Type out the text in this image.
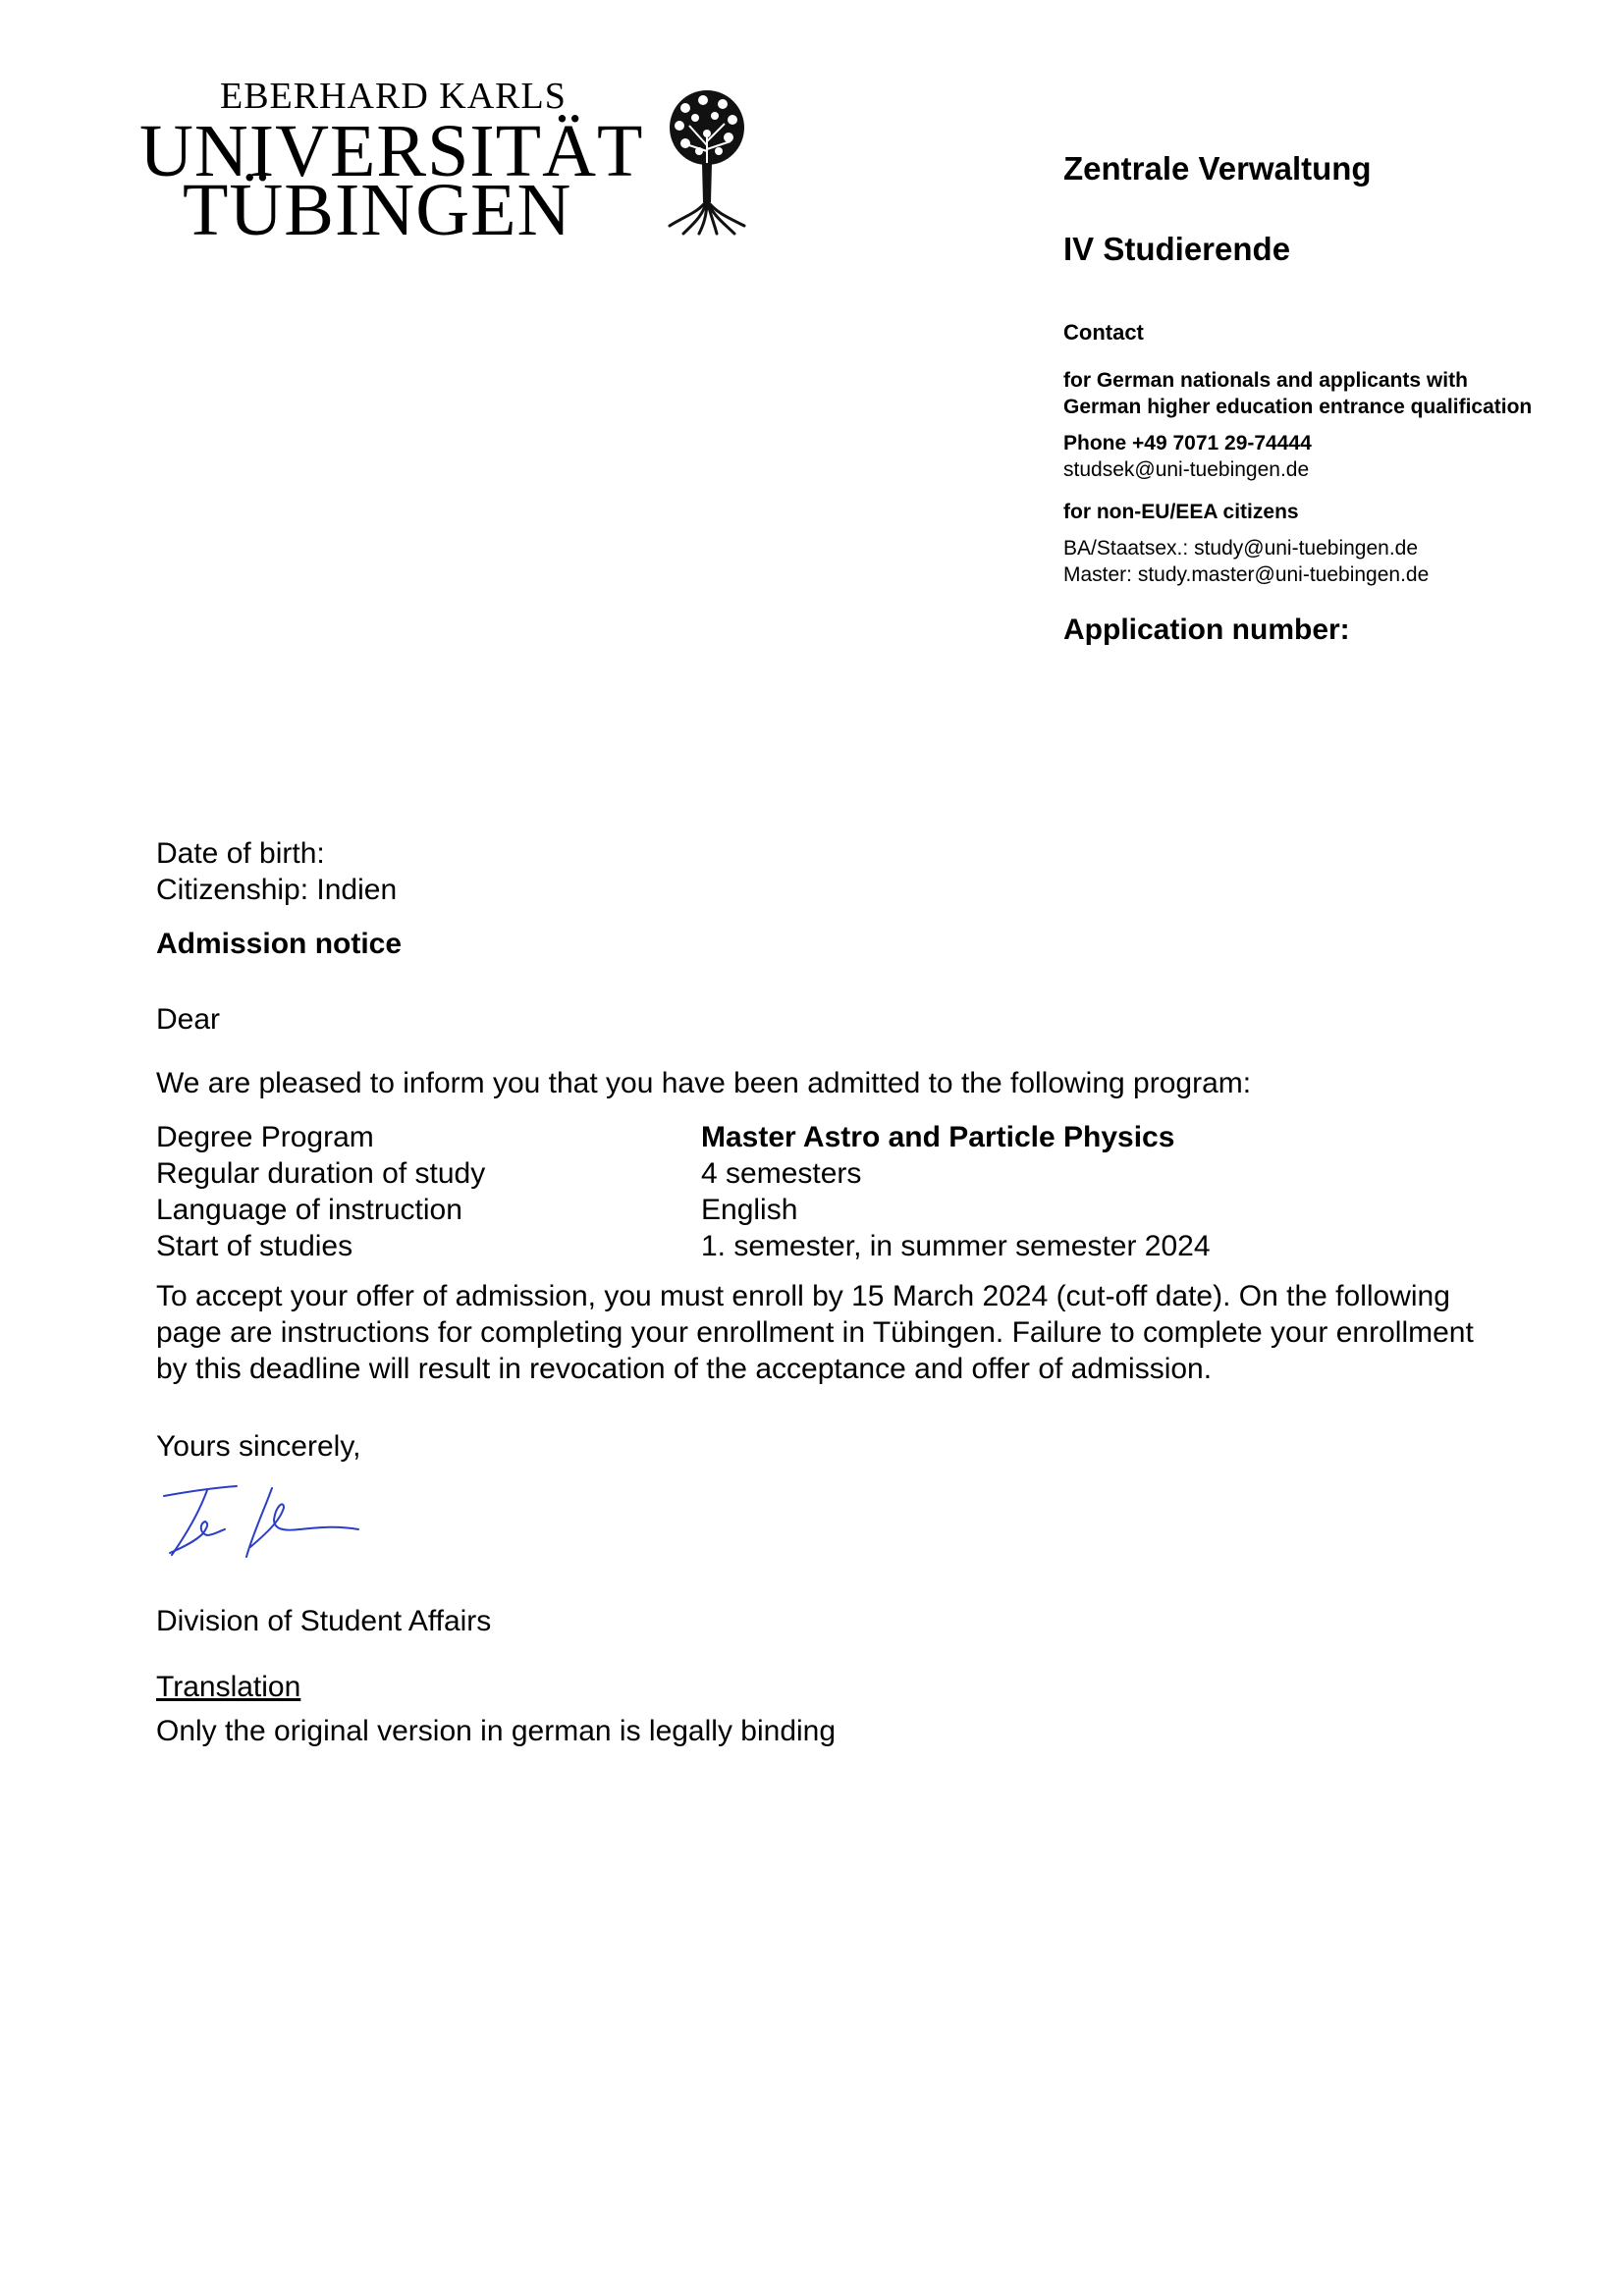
EBERHARD KARLS
UNIVERSITÄT
TÜBINGEN
Zentrale Verwaltung
IV Studierende
Contact
for German nationals and applicants with German higher education entrance qualification
Phone +49 7071 29-74444
studsek@uni-tuebingen.de
for non-EU/EEA citizens
BA/Staatsex.: study@uni-tuebingen.de
Master: study.master@uni-tuebingen.de
Application number:
Date of birth:
Citizenship: Indien
Admission notice
Dear
We are pleased to inform you that you have been admitted to the following program:
Degree Program	Master Astro and Particle Physics
Regular duration of study	4 semesters
Language of instruction	English
Start of studies	1. semester, in summer semester 2024
To accept your offer of admission, you must enroll by 15 March 2024 (cut-off date). On the following page are instructions for completing your enrollment in Tübingen. Failure to complete your enrollment by this deadline will result in revocation of the acceptance and offer of admission.
Yours sincerely,
Division of Student Affairs
Translation
Only the original version in german is legally binding
